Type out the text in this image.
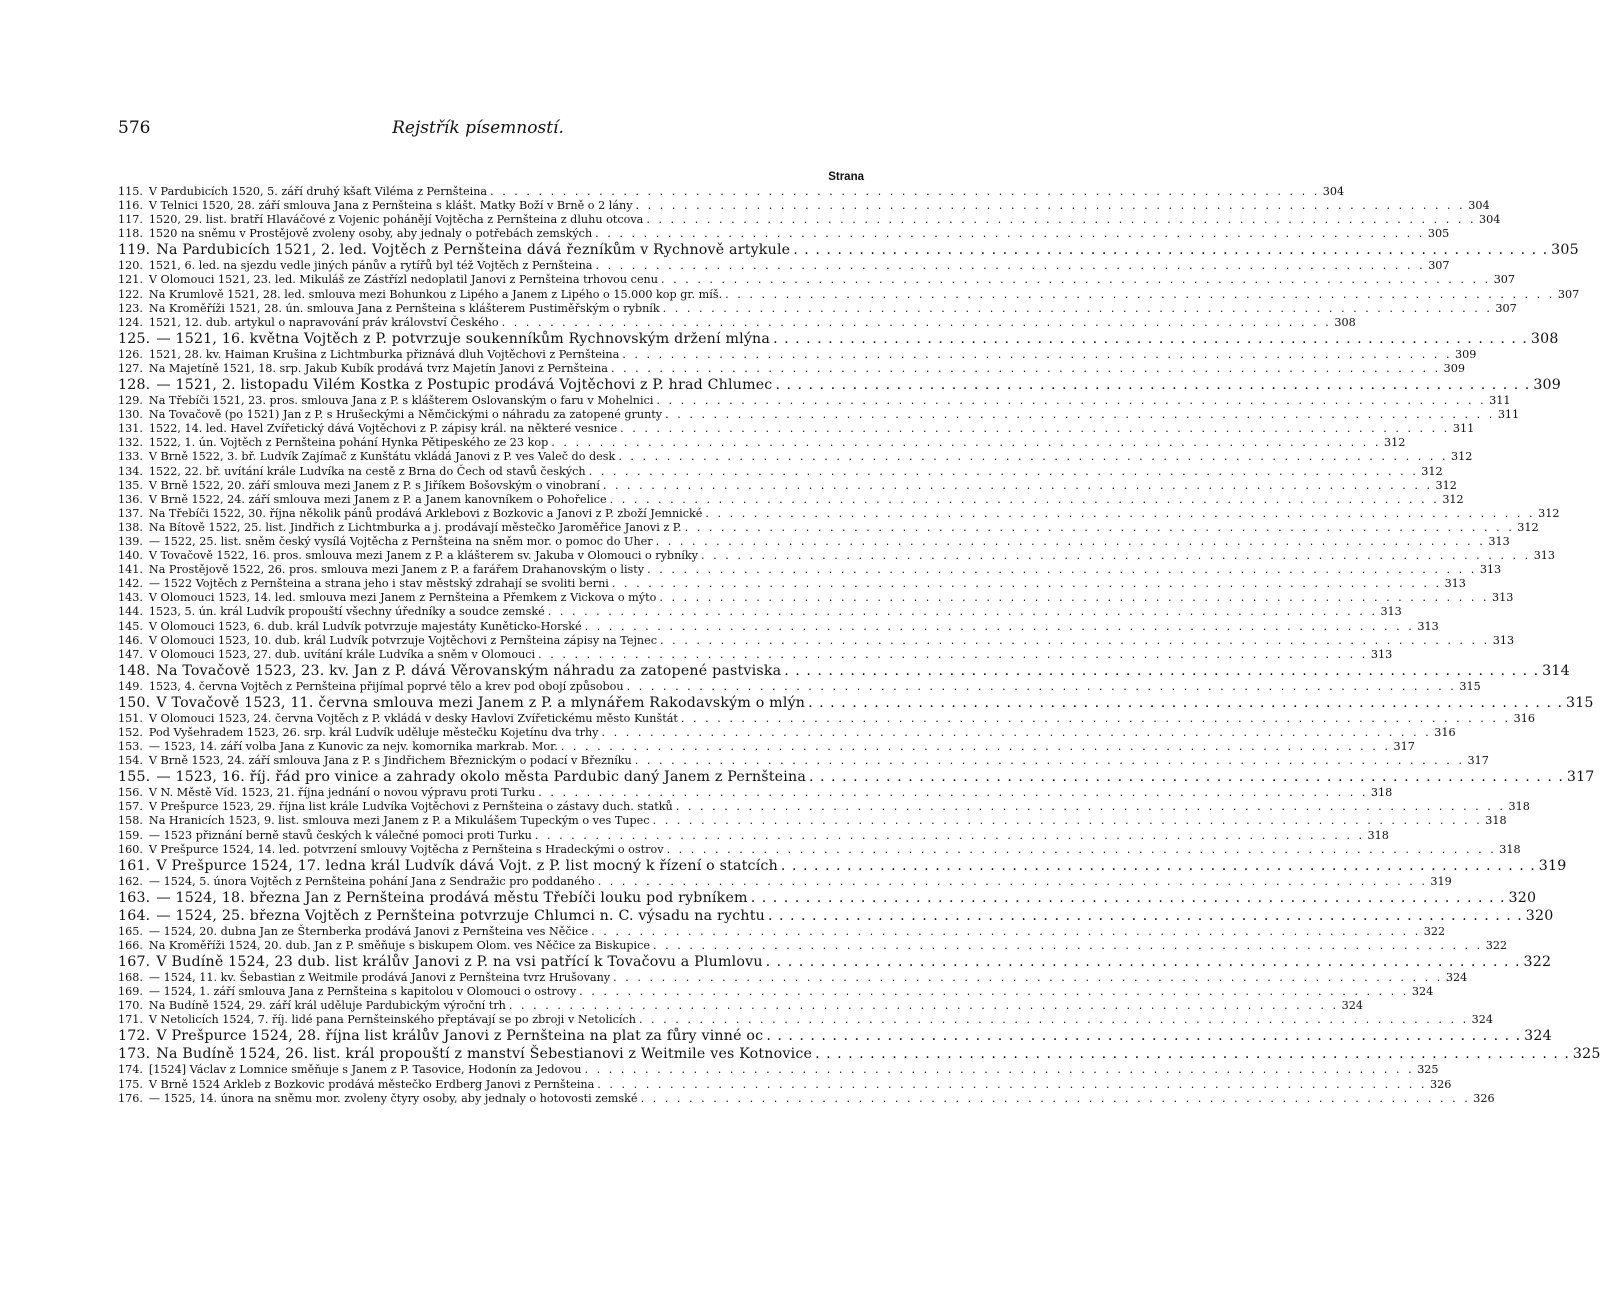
576	Rejstřík písemností.
Strana
115. V Pardubicích 1520, 5. září druhý kšaft Viléma z Pernšteina . . . . . . . . . . . . . . . . . . . . . . . . . . . . . . . . . . . . . . . . . . . . . . . . . . . . . . . . . . . . . . . . . . . . . 304
116. V Telnici 1520, 28. září smlouva Jana z Pernšteina s klášt. Matky Boží v Brně o 2 lány . . . . . . . . . . . . . . . . . . . . . . . . . . . . . . . . . . . . . . . . . . . . . . . . . . . . . . . . . . . . . . . . . . . . . 304
117. 1520, 29. list. bratří Hlaváčové z Vojenic pohánějí Vojtěcha z Pernšteina z dluhu otcova . . . . . . . . . . . . . . . . . . . . . . . . . . . . . . . . . . . . . . . . . . . . . . . . . . . . . . . . . . . . . . . . . . . . . 304
118. 1520 na sněmu v Prostějově zvoleny osoby, aby jednaly o potřebách zemských . . . . . . . . . . . . . . . . . . . . . . . . . . . . . . . . . . . . . . . . . . . . . . . . . . . . . . . . . . . . . . . . . . . . . 305
119. Na Pardubicích 1521, 2. led. Vojtěch z Pernšteina dává řezníkům v Rychnově artykule . . . . . . . . . . . . . . . . . . . . . . . . . . . . . . . . . . . . . . . . . . . . . . . . . . . . . . . . . . . . . . . . . . . . . 305
120. 1521, 6. led. na sjezdu vedle jiných pánův a rytířů byl též Vojtěch z Pernšteina . . . . . . . . . . . . . . . . . . . . . . . . . . . . . . . . . . . . . . . . . . . . . . . . . . . . . . . . . . . . . . . . . . . . . 307
121. V Olomouci 1521, 23. led. Mikuláš ze Zástřízl nedoplatil Janovi z Pernšteina trhovou cenu . . . . . . . . . . . . . . . . . . . . . . . . . . . . . . . . . . . . . . . . . . . . . . . . . . . . . . . . . . . . . . . . . . . . . 307
122. Na Krumlově 1521, 28. led. smlouva mezi Bohunkou z Lipého a Janem z Lipého o 15.000 kop gr. míš. . . . . . . . . . . . . . . . . . . . . . . . . . . . . . . . . . . . . . . . . . . . . . . . . . . . . . . . . . . . . . . . . . . . . . 307
123. Na Kroměříži 1521, 28. ún. smlouva Jana z Pernšteina s klášterem Pustiměřským o rybník . . . . . . . . . . . . . . . . . . . . . . . . . . . . . . . . . . . . . . . . . . . . . . . . . . . . . . . . . . . . . . . . . . . . . 307
124. 1521, 12. dub. artykul o napravování práv království Českého . . . . . . . . . . . . . . . . . . . . . . . . . . . . . . . . . . . . . . . . . . . . . . . . . . . . . . . . . . . . . . . . . . . . . 308
125. — 1521, 16. května Vojtěch z P. potvrzuje soukenníkům Rychnovským držení mlýna . . . . . . . . . . . . . . . . . . . . . . . . . . . . . . . . . . . . . . . . . . . . . . . . . . . . . . . . . . . . . . . . . . . . . 308
126. 1521, 28. kv. Haiman Krušina z Lichtmburka přiznává dluh Vojtěchovi z Pernšteina . . . . . . . . . . . . . . . . . . . . . . . . . . . . . . . . . . . . . . . . . . . . . . . . . . . . . . . . . . . . . . . . . . . . . 309
127. Na Majetíně 1521, 18. srp. Jakub Kubík prodává tvrz Majetín Janovi z Pernšteina . . . . . . . . . . . . . . . . . . . . . . . . . . . . . . . . . . . . . . . . . . . . . . . . . . . . . . . . . . . . . . . . . . . . . 309
128. — 1521, 2. listopadu Vilém Kostka z Postupic prodává Vojtěchovi z P. hrad Chlumec . . . . . . . . . . . . . . . . . . . . . . . . . . . . . . . . . . . . . . . . . . . . . . . . . . . . . . . . . . . . . . . . . . . . . 309
129. Na Třebíči 1521, 23. pros. smlouva Jana z P. s klášterem Oslovanským o faru v Mohelnici . . . . . . . . . . . . . . . . . . . . . . . . . . . . . . . . . . . . . . . . . . . . . . . . . . . . . . . . . . . . . . . . . . . . . 311
130. Na Tovačově (po 1521) Jan z P. s Hrušeckými a Němčickými o náhradu za zatopené grunty . . . . . . . . . . . . . . . . . . . . . . . . . . . . . . . . . . . . . . . . . . . . . . . . . . . . . . . . . . . . . . . . . . . . . 311
131. 1522, 14. led. Havel Zvířetický dává Vojtěchovi z P. zápisy král. na některé vesnice . . . . . . . . . . . . . . . . . . . . . . . . . . . . . . . . . . . . . . . . . . . . . . . . . . . . . . . . . . . . . . . . . . . . . 311
132. 1522, 1. ún. Vojtěch z Pernšteina pohání Hynka Pětipeského ze 23 kop . . . . . . . . . . . . . . . . . . . . . . . . . . . . . . . . . . . . . . . . . . . . . . . . . . . . . . . . . . . . . . . . . . . . . 312
133. V Brně 1522, 3. bř. Ludvík Zajímač z Kunštátu vkládá Janovi z P. ves Valeč do desk . . . . . . . . . . . . . . . . . . . . . . . . . . . . . . . . . . . . . . . . . . . . . . . . . . . . . . . . . . . . . . . . . . . . . 312
134. 1522, 22. bř. uvítání krále Ludvíka na cestě z Brna do Čech od stavů českých . . . . . . . . . . . . . . . . . . . . . . . . . . . . . . . . . . . . . . . . . . . . . . . . . . . . . . . . . . . . . . . . . . . . . 312
135. V Brně 1522, 20. září smlouva mezi Janem z P. s Jiříkem Bošovským o vinobraní . . . . . . . . . . . . . . . . . . . . . . . . . . . . . . . . . . . . . . . . . . . . . . . . . . . . . . . . . . . . . . . . . . . . . 312
136. V Brně 1522, 24. září smlouva mezi Janem z P. a Janem kanovníkem o Pohořelice . . . . . . . . . . . . . . . . . . . . . . . . . . . . . . . . . . . . . . . . . . . . . . . . . . . . . . . . . . . . . . . . . . . . . 312
137. Na Třebíči 1522, 30. října několik pánů prodává Arklebovi z Bozkovic a Janovi z P. zboží Jemnické . . . . . . . . . . . . . . . . . . . . . . . . . . . . . . . . . . . . . . . . . . . . . . . . . . . . . . . . . . . . . . . . . . . . . 312
138. Na Bítově 1522, 25. list. Jindřich z Lichtmburka a j. prodávají městečko Jaroměřice Janovi z P. . . . . . . . . . . . . . . . . . . . . . . . . . . . . . . . . . . . . . . . . . . . . . . . . . . . . . . . . . . . . . . . . . . . . . 312
139. — 1522, 25. list. sněm český vysílá Vojtěcha z Pernšteina na sněm mor. o pomoc do Uher . . . . . . . . . . . . . . . . . . . . . . . . . . . . . . . . . . . . . . . . . . . . . . . . . . . . . . . . . . . . . . . . . . . . . 313
140. V Tovačově 1522, 16. pros. smlouva mezi Janem z P. a klášterem sv. Jakuba v Olomouci o rybníky . . . . . . . . . . . . . . . . . . . . . . . . . . . . . . . . . . . . . . . . . . . . . . . . . . . . . . . . . . . . . . . . . . . . . 313
141. Na Prostějově 1522, 26. pros. smlouva mezi Janem z P. a farářem Drahanovským o listy . . . . . . . . . . . . . . . . . . . . . . . . . . . . . . . . . . . . . . . . . . . . . . . . . . . . . . . . . . . . . . . . . . . . . 313
142. — 1522 Vojtěch z Pernšteina a strana jeho i stav městský zdrahají se svoliti berni . . . . . . . . . . . . . . . . . . . . . . . . . . . . . . . . . . . . . . . . . . . . . . . . . . . . . . . . . . . . . . . . . . . . . 313
143. V Olomouci 1523, 14. led. smlouva mezi Janem z Pernšteina a Přemkem z Vickova o mýto . . . . . . . . . . . . . . . . . . . . . . . . . . . . . . . . . . . . . . . . . . . . . . . . . . . . . . . . . . . . . . . . . . . . . 313
144. 1523, 5. ún. král Ludvík propouští všechny úředníky a soudce zemské . . . . . . . . . . . . . . . . . . . . . . . . . . . . . . . . . . . . . . . . . . . . . . . . . . . . . . . . . . . . . . . . . . . . . 313
145. V Olomouci 1523, 6. dub. král Ludvík potvrzuje majestáty Kuněticko-Horské . . . . . . . . . . . . . . . . . . . . . . . . . . . . . . . . . . . . . . . . . . . . . . . . . . . . . . . . . . . . . . . . . . . . . 313
146. V Olomouci 1523, 10. dub. král Ludvík potvrzuje Vojtěchovi z Pernšteina zápisy na Tejnec . . . . . . . . . . . . . . . . . . . . . . . . . . . . . . . . . . . . . . . . . . . . . . . . . . . . . . . . . . . . . . . . . . . . . 313
147. V Olomouci 1523, 27. dub. uvítání krále Ludvíka a sněm v Olomouci . . . . . . . . . . . . . . . . . . . . . . . . . . . . . . . . . . . . . . . . . . . . . . . . . . . . . . . . . . . . . . . . . . . . . 313
148. Na Tovačově 1523, 23. kv. Jan z P. dává Věrovanským náhradu za zatopené pastviska . . . . . . . . . . . . . . . . . . . . . . . . . . . . . . . . . . . . . . . . . . . . . . . . . . . . . . . . . . . . . . . . . . . . . 314
149. 1523, 4. června Vojtěch z Pernšteina přijímal poprvé tělo a krev pod obojí způsobou . . . . . . . . . . . . . . . . . . . . . . . . . . . . . . . . . . . . . . . . . . . . . . . . . . . . . . . . . . . . . . . . . . . . . 315
150. V Tovačově 1523, 11. června smlouva mezi Janem z P. a mlynářem Rakodavským o mlýn . . . . . . . . . . . . . . . . . . . . . . . . . . . . . . . . . . . . . . . . . . . . . . . . . . . . . . . . . . . . . . . . . . . . . 315
151. V Olomouci 1523, 24. června Vojtěch z P. vkládá v desky Havlovi Zvířetickému město Kunštát . . . . . . . . . . . . . . . . . . . . . . . . . . . . . . . . . . . . . . . . . . . . . . . . . . . . . . . . . . . . . . . . . . . . . 316
152. Pod Vyšehradem 1523, 26. srp. král Ludvík uděluje městečku Kojetínu dva trhy . . . . . . . . . . . . . . . . . . . . . . . . . . . . . . . . . . . . . . . . . . . . . . . . . . . . . . . . . . . . . . . . . . . . . 316
153. — 1523, 14. září volba Jana z Kunovic za nejv. komornika markrab. Mor. . . . . . . . . . . . . . . . . . . . . . . . . . . . . . . . . . . . . . . . . . . . . . . . . . . . . . . . . . . . . . . . . . . . . . 317
154. V Brně 1523, 24. září smlouva Jana z P. s Jindřichem Březnickým o podací v Březníku . . . . . . . . . . . . . . . . . . . . . . . . . . . . . . . . . . . . . . . . . . . . . . . . . . . . . . . . . . . . . . . . . . . . . 317
155. — 1523, 16. říj. řád pro vinice a zahrady okolo města Pardubic daný Janem z Pernšteina . . . . . . . . . . . . . . . . . . . . . . . . . . . . . . . . . . . . . . . . . . . . . . . . . . . . . . . . . . . . . . . . . . . . . 317
156. V N. Městě Víd. 1523, 21. října jednání o novou výpravu proti Turku . . . . . . . . . . . . . . . . . . . . . . . . . . . . . . . . . . . . . . . . . . . . . . . . . . . . . . . . . . . . . . . . . . . . . 318
157. V Prešpurce 1523, 29. října list krále Ludvíka Vojtěchovi z Pernšteina o zástavy duch. statků . . . . . . . . . . . . . . . . . . . . . . . . . . . . . . . . . . . . . . . . . . . . . . . . . . . . . . . . . . . . . . . . . . . . . 318
158. Na Hranicích 1523, 9. list. smlouva mezi Janem z P. a Mikulášem Tupeckým o ves Tupec . . . . . . . . . . . . . . . . . . . . . . . . . . . . . . . . . . . . . . . . . . . . . . . . . . . . . . . . . . . . . . . . . . . . . 318
159. — 1523 přiznání berně stavů českých k válečné pomoci proti Turku . . . . . . . . . . . . . . . . . . . . . . . . . . . . . . . . . . . . . . . . . . . . . . . . . . . . . . . . . . . . . . . . . . . . . 318
160. V Prešpurce 1524, 14. led. potvrzení smlouvy Vojtěcha z Pernšteina s Hradeckými o ostrov . . . . . . . . . . . . . . . . . . . . . . . . . . . . . . . . . . . . . . . . . . . . . . . . . . . . . . . . . . . . . . . . . . . . . 318
161. V Prešpurce 1524, 17. ledna král Ludvík dává Vojt. z P. list mocný k řízení o statcích . . . . . . . . . . . . . . . . . . . . . . . . . . . . . . . . . . . . . . . . . . . . . . . . . . . . . . . . . . . . . . . . . . . . . 319
162. — 1524, 5. února Vojtěch z Pernšteina pohání Jana z Sendražic pro poddaného . . . . . . . . . . . . . . . . . . . . . . . . . . . . . . . . . . . . . . . . . . . . . . . . . . . . . . . . . . . . . . . . . . . . . 319
163. — 1524, 18. března Jan z Pernšteina prodává městu Třebíči louku pod rybníkem . . . . . . . . . . . . . . . . . . . . . . . . . . . . . . . . . . . . . . . . . . . . . . . . . . . . . . . . . . . . . . . . . . . . . 320
164. — 1524, 25. března Vojtěch z Pernšteina potvrzuje Chlumci n. C. výsadu na rychtu . . . . . . . . . . . . . . . . . . . . . . . . . . . . . . . . . . . . . . . . . . . . . . . . . . . . . . . . . . . . . . . . . . . . . 320
165. — 1524, 20. dubna Jan ze Šternberka prodává Janovi z Pernšteina ves Něčice . . . . . . . . . . . . . . . . . . . . . . . . . . . . . . . . . . . . . . . . . . . . . . . . . . . . . . . . . . . . . . . . . . . . . 322
166. Na Kroměříži 1524, 20. dub. Jan z P. směňuje s biskupem Olom. ves Něčice za Biskupice . . . . . . . . . . . . . . . . . . . . . . . . . . . . . . . . . . . . . . . . . . . . . . . . . . . . . . . . . . . . . . . . . . . . . 322
167. V Budíně 1524, 23 dub. list králův Janovi z P. na vsi patřící k Tovačovu a Plumlovu . . . . . . . . . . . . . . . . . . . . . . . . . . . . . . . . . . . . . . . . . . . . . . . . . . . . . . . . . . . . . . . . . . . . . 322
168. — 1524, 11. kv. Šebastian z Weitmile prodává Janovi z Pernšteina tvrz Hrušovany . . . . . . . . . . . . . . . . . . . . . . . . . . . . . . . . . . . . . . . . . . . . . . . . . . . . . . . . . . . . . . . . . . . . . 324
169. — 1524, 1. září smlouva Jana z Pernšteina s kapitolou v Olomouci o ostrovy . . . . . . . . . . . . . . . . . . . . . . . . . . . . . . . . . . . . . . . . . . . . . . . . . . . . . . . . . . . . . . . . . . . . . 324
170. Na Budíně 1524, 29. září král uděluje Pardubickým výroční trh . . . . . . . . . . . . . . . . . . . . . . . . . . . . . . . . . . . . . . . . . . . . . . . . . . . . . . . . . . . . . . . . . . . . . 324
171. V Netolicích 1524, 7. říj. lidé pana Pernšteinského přeptávají se po zbroji v Netolicích . . . . . . . . . . . . . . . . . . . . . . . . . . . . . . . . . . . . . . . . . . . . . . . . . . . . . . . . . . . . . . . . . . . . . 324
172. V Prešpurce 1524, 28. října list králův Janovi z Pernšteina na plat za fůry vinné oc . . . . . . . . . . . . . . . . . . . . . . . . . . . . . . . . . . . . . . . . . . . . . . . . . . . . . . . . . . . . . . . . . . . . . 324
173. Na Budíně 1524, 26. list. král propouští z manství Šebestianovi z Weitmile ves Kotnovice . . . . . . . . . . . . . . . . . . . . . . . . . . . . . . . . . . . . . . . . . . . . . . . . . . . . . . . . . . . . . . . . . . . . . 325
174. [1524] Václav z Lomnice směňuje s Janem z P. Tasovice, Hodonín za Jedovou . . . . . . . . . . . . . . . . . . . . . . . . . . . . . . . . . . . . . . . . . . . . . . . . . . . . . . . . . . . . . . . . . . . . . 325
175. V Brně 1524 Arkleb z Bozkovic prodává městečko Erdberg Janovi z Pernšteina . . . . . . . . . . . . . . . . . . . . . . . . . . . . . . . . . . . . . . . . . . . . . . . . . . . . . . . . . . . . . . . . . . . . . 326
176. — 1525, 14. února na sněmu mor. zvoleny čtyry osoby, aby jednaly o hotovosti zemské . . . . . . . . . . . . . . . . . . . . . . . . . . . . . . . . . . . . . . . . . . . . . . . . . . . . . . . . . . . . . . . . . . . . . 326
